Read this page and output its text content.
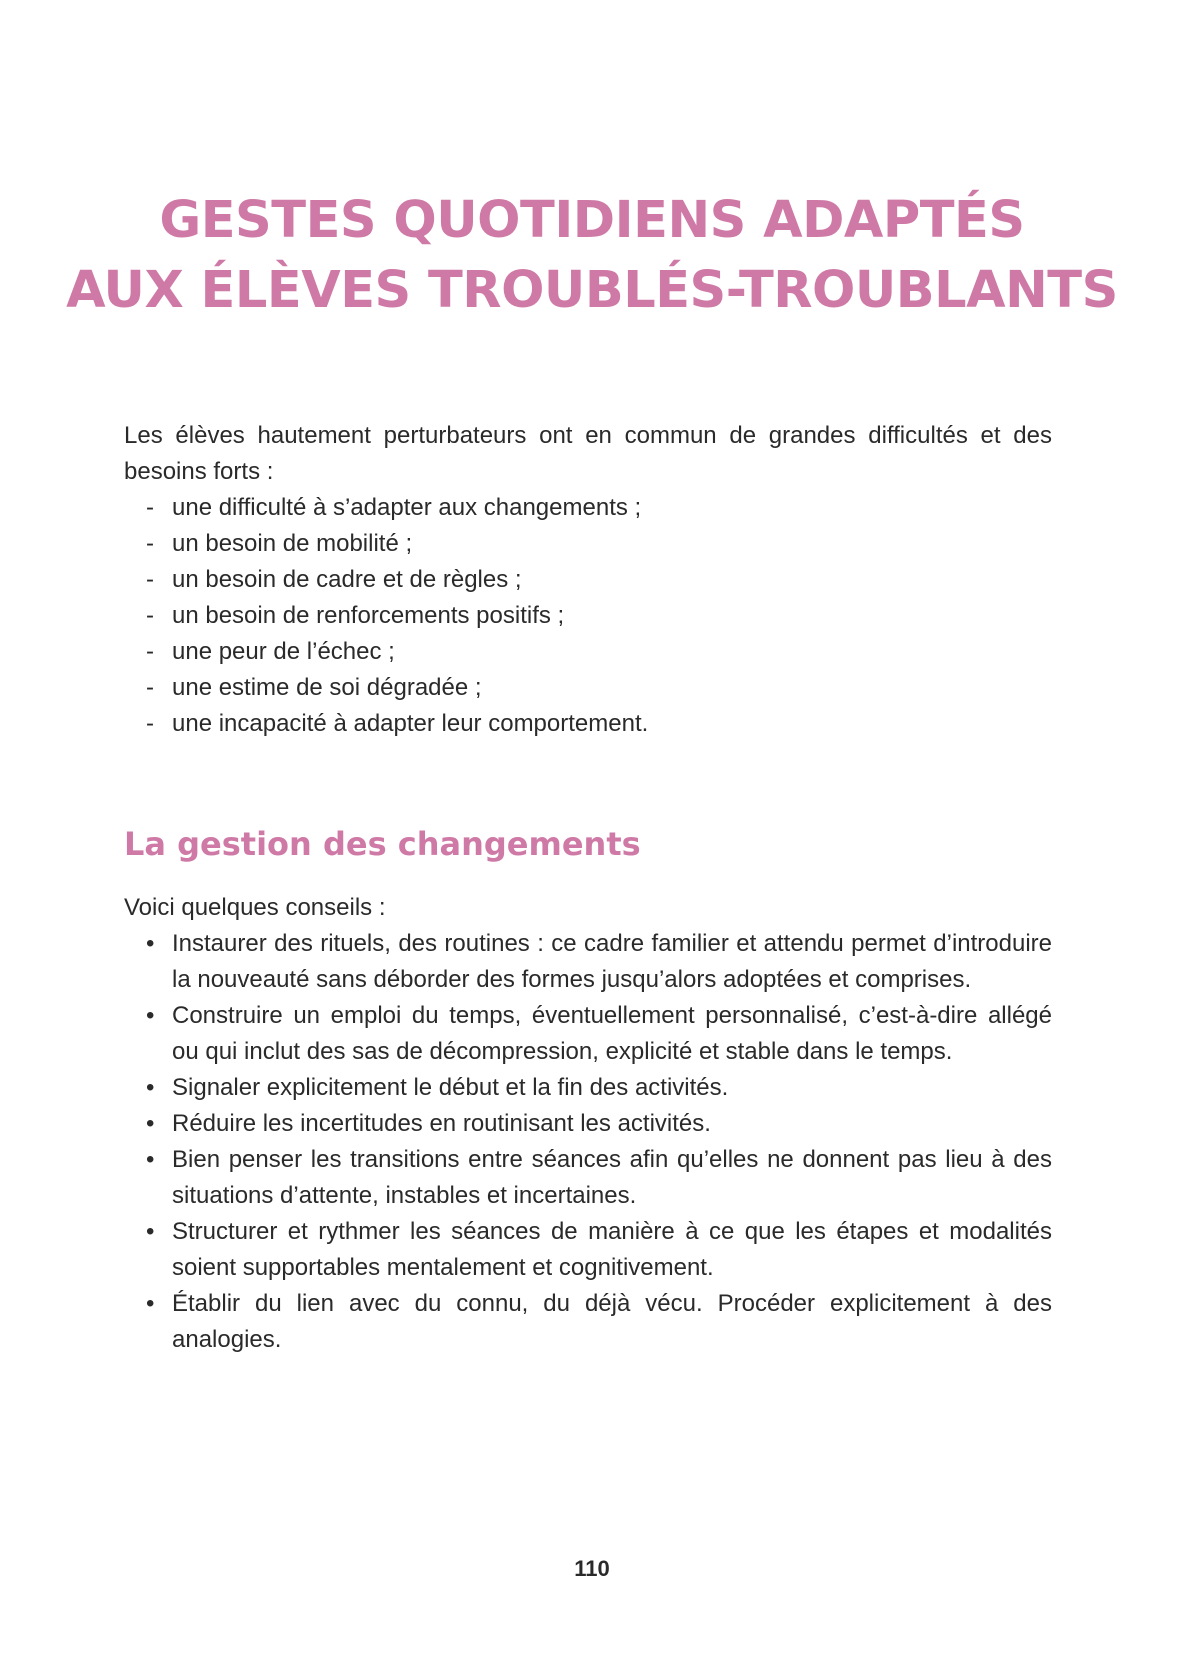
GESTES QUOTIDIENS ADAPTÉS
AUX ÉLÈVES TROUBLÉS-TROUBLANTS

Les élèves hautement perturbateurs ont en commun de grandes difficultés et des besoins forts :

- une difficulté à s’adapter aux changements ;
- un besoin de mobilité ;
- un besoin de cadre et de règles ;
- un besoin de renforcements positifs ;
- une peur de l’échec ;
- une estime de soi dégradée ;
- une incapacité à adapter leur comportement.
La gestion des changements

Voici quelques conseils :

• Instaurer des rituels, des routines : ce cadre familier et attendu permet d’introduire la nouveauté sans déborder des formes jusqu’alors adoptées et comprises.
• Construire un emploi du temps, éventuellement personnalisé, c’est-à-dire allégé ou qui inclut des sas de décompression, explicité et stable dans le temps.
• Signaler explicitement le début et la fin des activités.
• Réduire les incertitudes en routinisant les activités.
• Bien penser les transitions entre séances afin qu’elles ne donnent pas lieu à des situations d’attente, instables et incertaines.
• Structurer et rythmer les séances de manière à ce que les étapes et modalités soient supportables mentalement et cognitivement.
• Établir du lien avec du connu, du déjà vécu. Procéder explicitement à des analogies.
110
